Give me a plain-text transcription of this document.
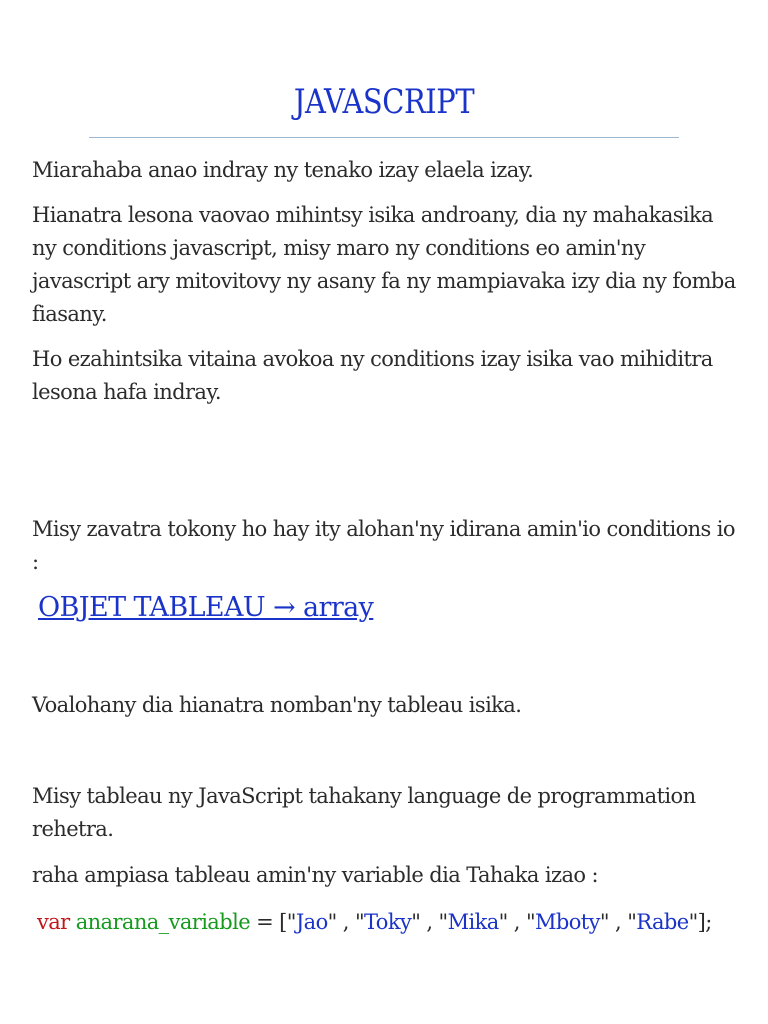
JAVASCRIPT

Miarahaba anao indray ny tenako izay elaela izay.

Hianatra lesona vaovao mihintsy isika androany, dia ny mahakasika ny conditions javascript, misy maro ny conditions eo amin'ny javascript ary mitovitovy ny asany fa ny mampiavaka izy dia ny fomba fiasany.

Ho ezahintsika vitaina avokoa ny conditions izay isika vao mihiditra lesona hafa indray.

Misy zavatra tokony ho hay ity alohan'ny idirana amin'io conditions io :

OBJET TABLEAU → array

Voalohany dia hianatra nomban'ny tableau isika.

Misy tableau ny JavaScript tahakany language de programmation rehetra.

raha ampiasa tableau amin'ny variable dia Tahaka izao :

var anarana_variable = ["Jao" , "Toky" , "Mika" , "Mboty" , "Rabe"];
